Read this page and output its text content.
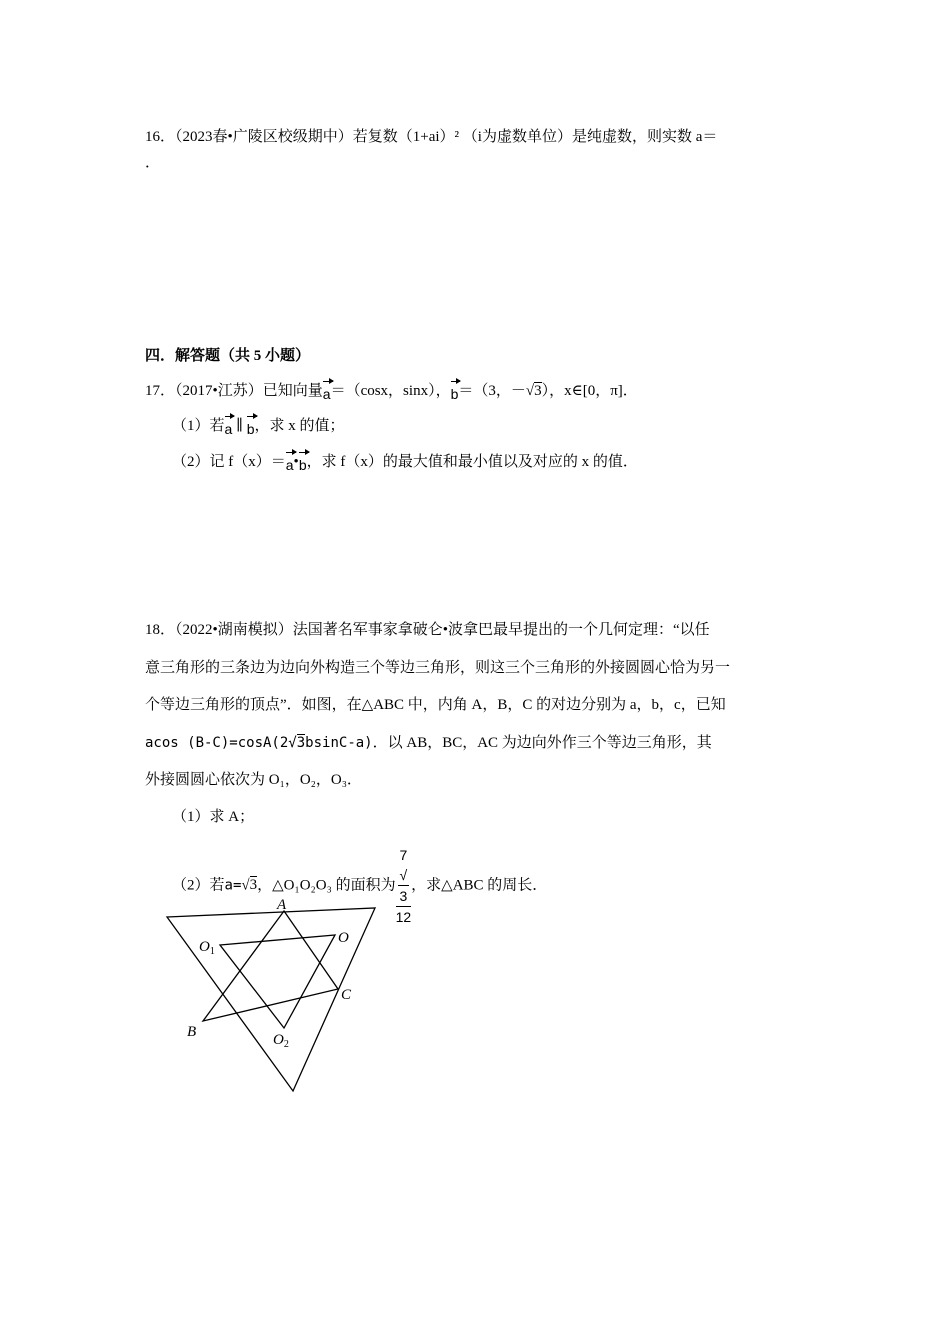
16．（2023春•广陵区校级期中）若复数（1+ai）² （i为虚数单位）是纯虚数，则实数 a＝
．
四．解答题（共 5 小题）
17．（2017•江苏）已知向量a＝（cosx，sinx），b＝（3，－√3），x∈[0，π]．
（1）若a ∥ b，求 x 的值；
（2）记 f（x）＝a•b，求 f（x）的最大值和最小值以及对应的 x 的值．
18．（2022•湖南模拟）法国著名军事家拿破仑•波拿巴最早提出的一个几何定理：“以任
意三角形的三条边为边向外构造三个等边三角形，则这三个三角形的外接圆圆心恰为另一
个等边三角形的顶点”．如图，在△ABC 中，内角 A，B，C 的对边分别为 a，b，c，已知
acos (B-C)=cosA(2√3bsinC-a)．以 AB，BC，AC 为边向外作三个等边三角形，其
外接圆圆心依次为 O₁，O₂，O₃．
（1）求 A；
（2）若a=√3，△O₁O₂O₃ 的面积为 7
√
3
12 ，求△ABC 的周长．
A
B
C
O
$O_1$
$O_2$
